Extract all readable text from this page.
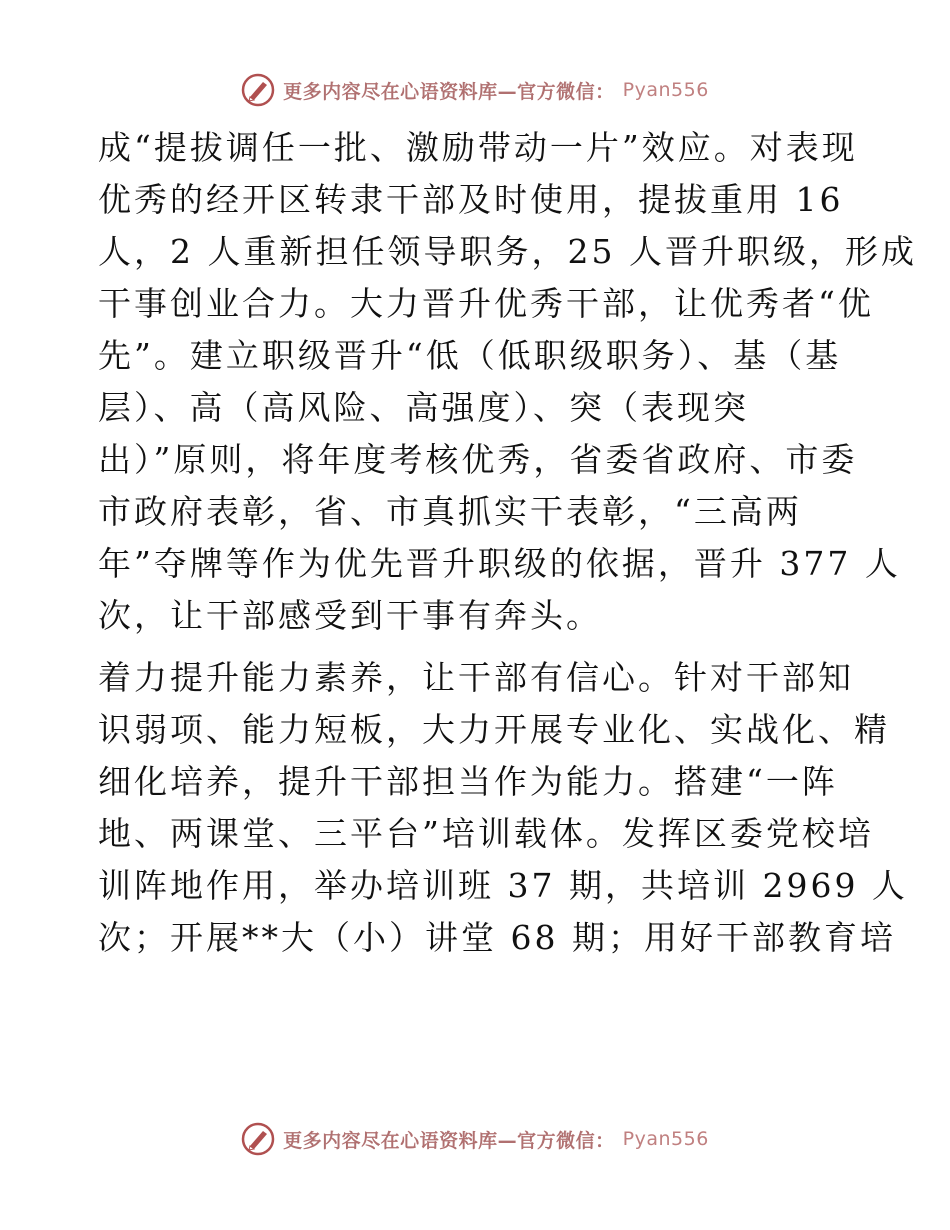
更多内容尽在心语资料库—官方微信： Pyan556
成“提拔调任一批、激励带动一片”效应。对表现
优秀的经开区转隶干部及时使用，提拔重用 16
人，2 人重新担任领导职务，25 人晋升职级，形成
干事创业合力。大力晋升优秀干部，让优秀者“优
先”。建立职级晋升“低（低职级职务）、基（基
层）、高（高风险、高强度）、突（表现突
出）”原则，将年度考核优秀，省委省政府、市委
市政府表彰，省、市真抓实干表彰，“三高两
年”夺牌等作为优先晋升职级的依据，晋升 377 人
次，让干部感受到干事有奔头。
着力提升能力素养，让干部有信心。针对干部知
识弱项、能力短板，大力开展专业化、实战化、精
细化培养，提升干部担当作为能力。搭建“一阵
地、两课堂、三平台”培训载体。发挥区委党校培
训阵地作用，举办培训班 37 期，共培训 2969 人
次；开展**大（小）讲堂 68 期；用好干部教育培
更多内容尽在心语资料库—官方微信： Pyan556
